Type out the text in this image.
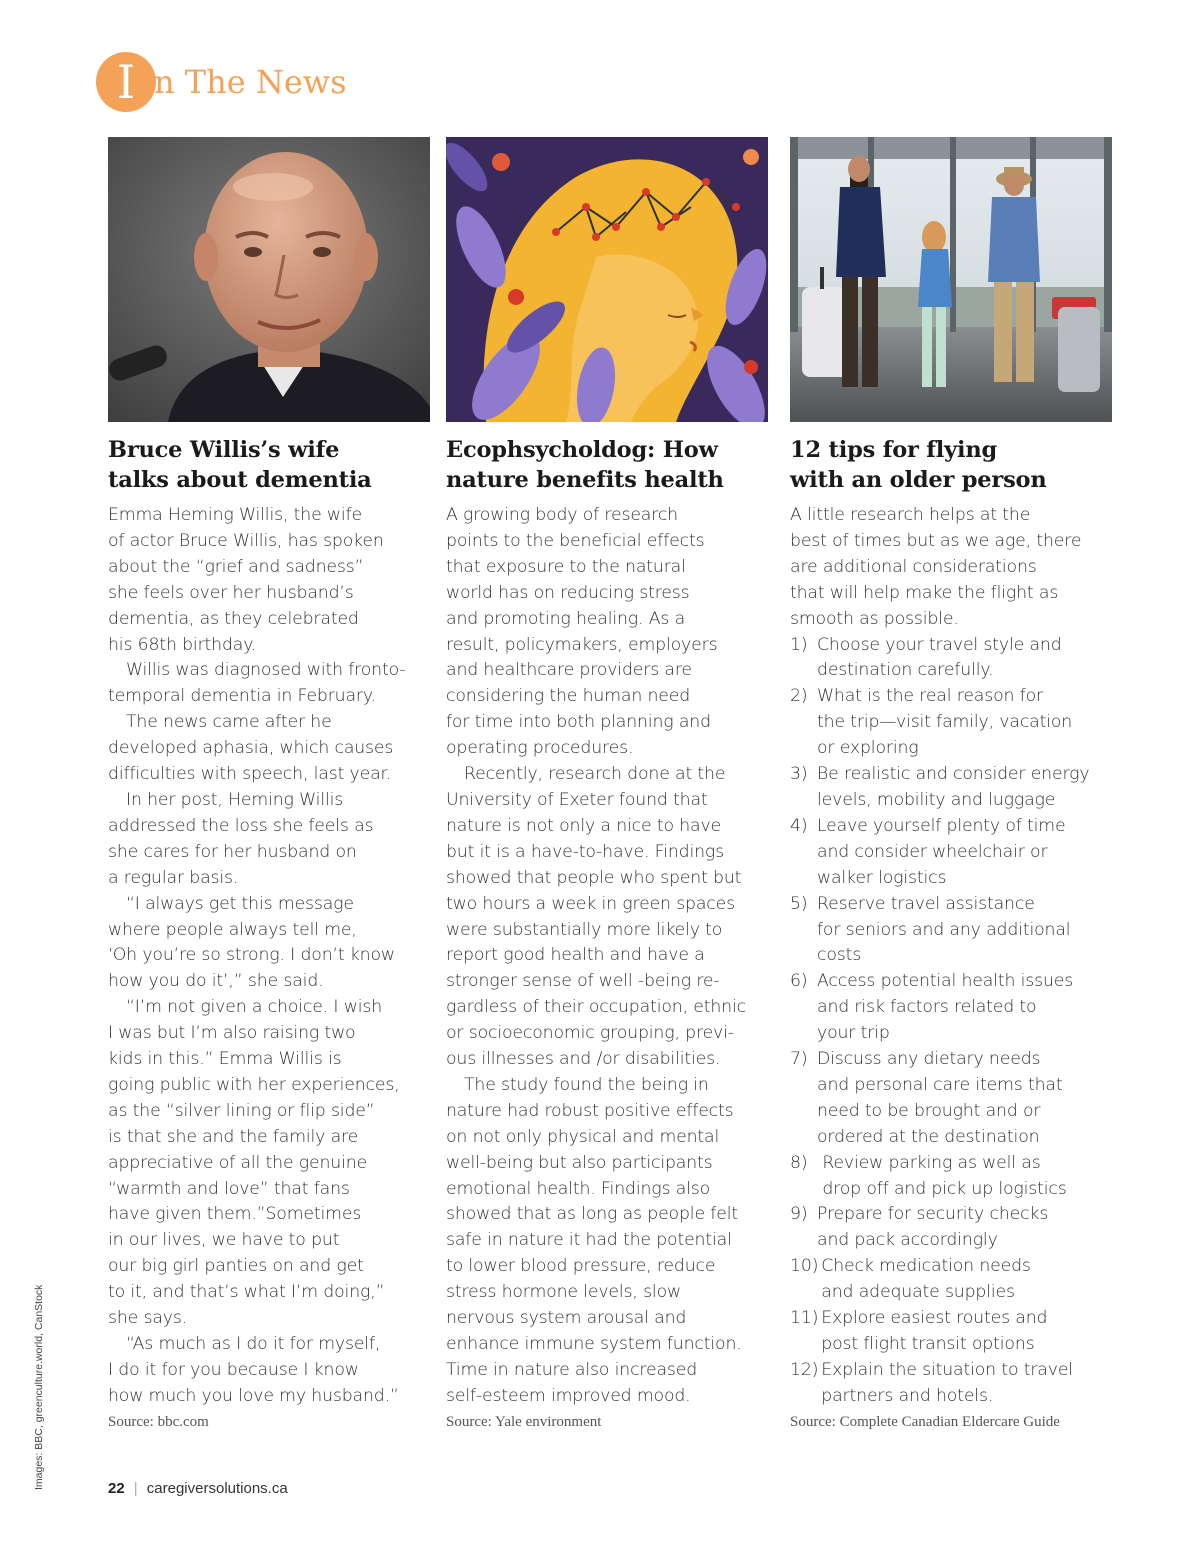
I n The News
Bruce Willis’s wife
talks about dementia

Emma Heming Willis, the wife

of actor Bruce Willis, has spoken

about the “grief and sadness”

she feels over her husband’s

dementia, as they celebrated

his 68th birthday.

Willis was diagnosed with fronto-

temporal dementia in February.

The news came after he

developed aphasia, which causes

difficulties with speech, last year.

In her post, Heming Willis

addressed the loss she feels as

she cares for her husband on

a regular basis.

“I always get this message

where people always tell me,

‘Oh you’re so strong. I don’t know

how you do it’,” she said.

“I’m not given a choice. I wish

I was but I’m also raising two

kids in this.” Emma Willis is

going public with her experiences,

as the “silver lining or flip side”

is that she and the family are

appreciative of all the genuine

“warmth and love” that fans

have given them.”Sometimes

in our lives, we have to put

our big girl panties on and get

to it, and that’s what I’m doing,”

she says.

“As much as I do it for myself,

I do it for you because I know

how much you love my husband.”

Source: bbc.com
Ecophsycholdog: How
nature benefits health

A growing body of research

points to the beneficial effects

that exposure to the natural

world has on reducing stress

and promoting healing. As a

result, policymakers, employers

and healthcare providers are

considering the human need

for time into both planning and

operating procedures.

Recently, research done at the

University of Exeter found that

nature is not only a nice to have

but it is a have-to-have. Findings

showed that people who spent but

two hours a week in green spaces

were substantially more likely to

report good health and have a

stronger sense of well -being re-

gardless of their occupation, ethnic

or socioeconomic grouping, previ-

ous illnesses and /or disabilities.

The study found the being in

nature had robust positive effects

on not only physical and mental

well-being but also participants

emotional health. Findings also

showed that as long as people felt

safe in nature it had the potential

to lower blood pressure, reduce

stress hormone levels, slow

nervous system arousal and

enhance immune system function.

Time in nature also increased

self-esteem improved mood.

Source: Yale environment
12 tips for flying
with an older person

A little research helps at the

best of times but as we age, there

are additional considerations

that will help make the flight as

smooth as possible.

1) Choose your travel style and
destination carefully.
2) What is the real reason for
the trip—visit family, vacation
or exploring
3) Be realistic and consider energy
levels, mobility and luggage
4) Leave yourself plenty of time
and consider wheelchair or
walker logistics
5) Reserve travel assistance
for seniors and any additional
costs
6) Access potential health issues
and risk factors related to
your trip
7) Discuss any dietary needs
and personal care items that
need to be brought and or
ordered at the destination
8) Review parking as well as
drop off and pick up logistics
9) Prepare for security checks
and pack accordingly
10) Check medication needs
and adequate supplies
11) Explore easiest routes and
post flight transit options
12) Explain the situation to travel
partners and hotels.
Source: Complete Canadian Eldercare Guide
Images: BBC, greenculture.world, CanStock	22 | caregiversolutions.ca
